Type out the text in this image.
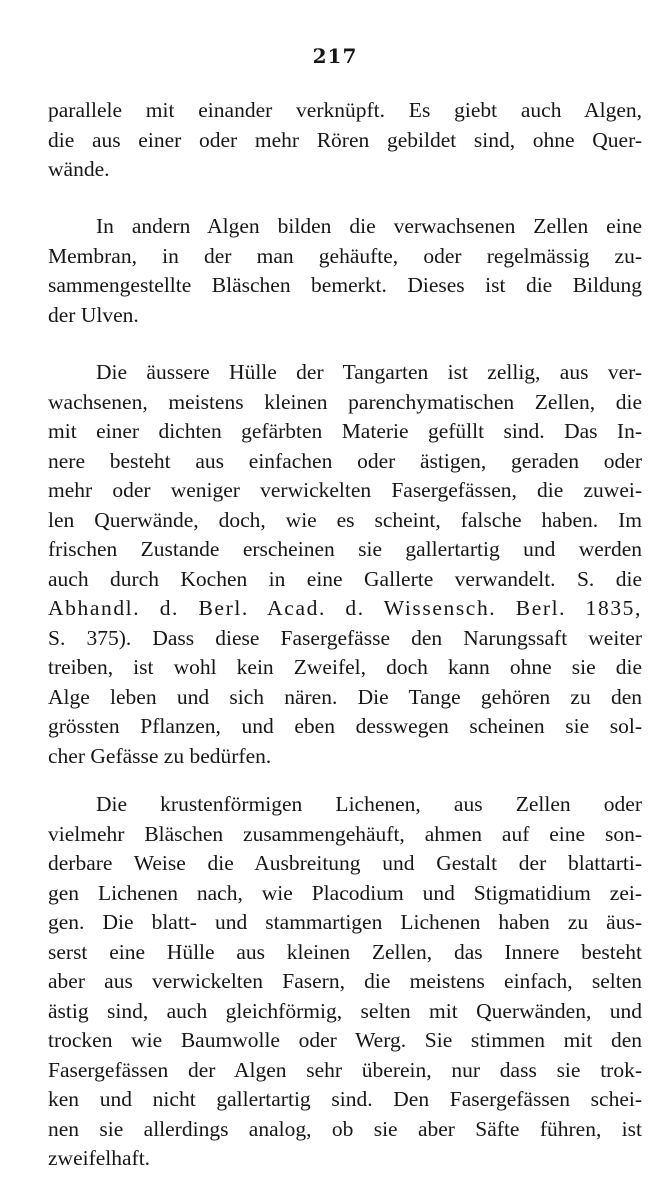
217
parallele mit einander verknüpft. Es giebt auch Algen,
die aus einer oder mehr Rören gebildet sind, ohne Quer-
wände.
In andern Algen bilden die verwachsenen Zellen eine
Membran, in der man gehäufte, oder regelmässig zu-
sammengestellte Bläschen bemerkt. Dieses ist die Bildung
der Ulven.
Die äussere Hülle der Tangarten ist zellig, aus ver-
wachsenen, meistens kleinen parenchymatischen Zellen, die
mit einer dichten gefärbten Materie gefüllt sind. Das In-
nere besteht aus einfachen oder ästigen, geraden oder
mehr oder weniger verwickelten Fasergefässen, die zuwei-
len Querwände, doch, wie es scheint, falsche haben. Im
frischen Zustande erscheinen sie gallertartig und werden
auch durch Kochen in eine Gallerte verwandelt. S. die
Abhandl. d. Berl. Acad. d. Wissensch. Berl. 1835,
S. 375). Dass diese Fasergefässe den Narungssaft weiter
treiben, ist wohl kein Zweifel, doch kann ohne sie die
Alge leben und sich nären. Die Tange gehören zu den
grössten Pflanzen, und eben desswegen scheinen sie sol-
cher Gefässe zu bedürfen.
Die krustenförmigen Lichenen, aus Zellen oder
vielmehr Bläschen zusammengehäuft, ahmen auf eine son-
derbare Weise die Ausbreitung und Gestalt der blattarti-
gen Lichenen nach, wie Placodium und Stigmatidium zei-
gen. Die blatt- und stammartigen Lichenen haben zu äus-
serst eine Hülle aus kleinen Zellen, das Innere besteht
aber aus verwickelten Fasern, die meistens einfach, selten
ästig sind, auch gleichförmig, selten mit Querwänden, und
trocken wie Baumwolle oder Werg. Sie stimmen mit den
Fasergefässen der Algen sehr überein, nur dass sie trok-
ken und nicht gallertartig sind. Den Fasergefässen schei-
nen sie allerdings analog, ob sie aber Säfte führen, ist
zweifelhaft.
